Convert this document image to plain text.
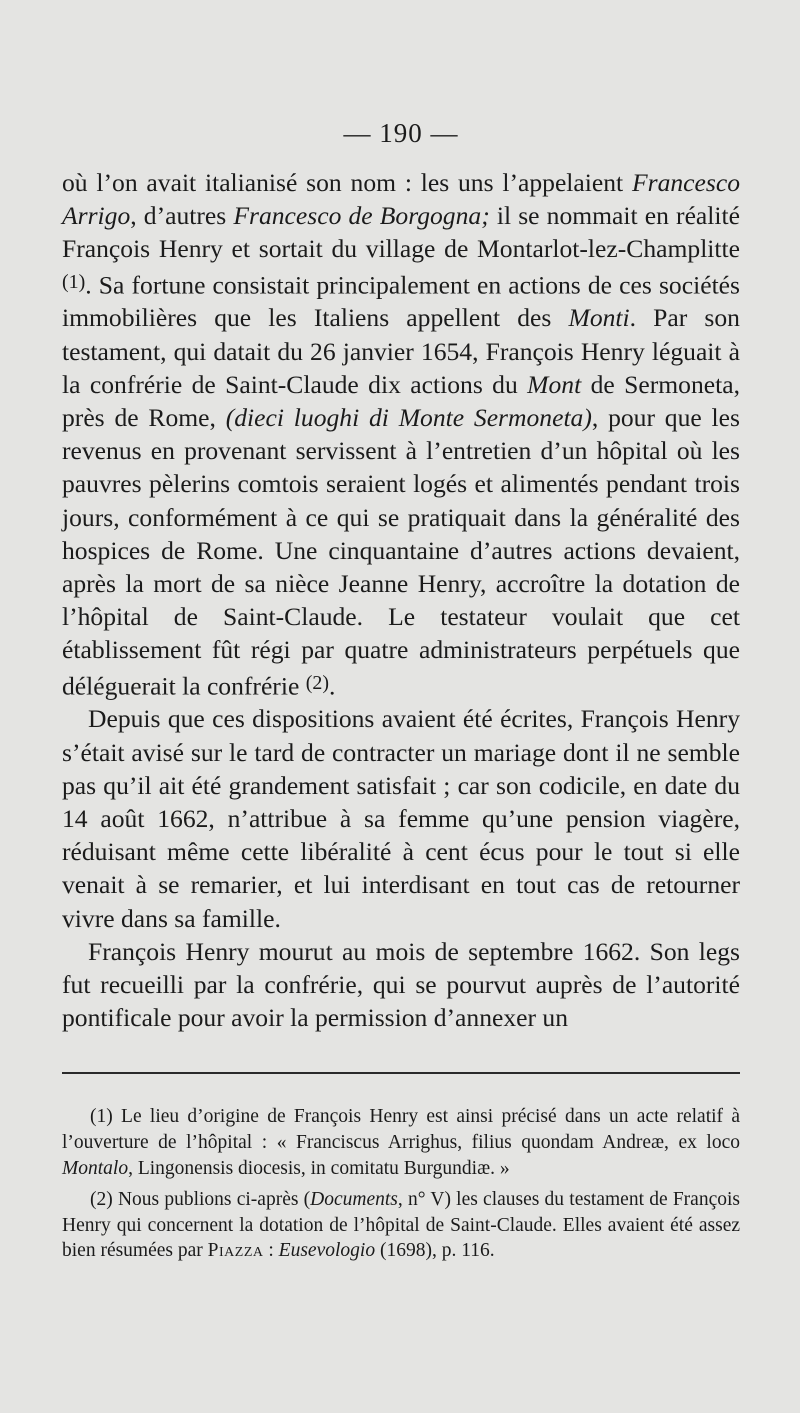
— 190 —

où l’on avait italianisé son nom : les uns l’appelaient Francesco Arrigo, d’autres Francesco de Borgogna; il se nommait en réalité François Henry et sortait du village de Montarlot-lez-Champlitte $^{(1)}$. Sa fortune consistait principalement en actions de ces sociétés immobilières que les Italiens appellent des Monti. Par son testament, qui datait du 26 janvier 1654, François Henry léguait à la confrérie de Saint-Claude dix actions du Mont de Sermoneta, près de Rome, (dieci luoghi di Monte Sermoneta), pour que les revenus en provenant servissent à l’entretien d’un hôpital où les pauvres pèlerins comtois seraient logés et alimentés pendant trois jours, conformément à ce qui se pratiquait dans la généralité des hospices de Rome. Une cinquantaine d’autres actions devaient, après la mort de sa nièce Jeanne Henry, accroître la dotation de l’hôpital de Saint-Claude. Le testateur voulait que cet établissement fût régi par quatre administrateurs perpétuels que déléguerait la confrérie $^{(2)}$.

Depuis que ces dispositions avaient été écrites, François Henry s’était avisé sur le tard de contracter un mariage dont il ne semble pas qu’il ait été grandement satisfait ; car son codicile, en date du 14 août 1662, n’attribue à sa femme qu’une pension viagère, réduisant même cette libéralité à cent écus pour le tout si elle venait à se remarier, et lui interdisant en tout cas de retourner vivre dans sa famille.

François Henry mourut au mois de septembre 1662. Son legs fut recueilli par la confrérie, qui se pourvut auprès de l’autorité pontificale pour avoir la permission d’annexer un

(1) Le lieu d’origine de François Henry est ainsi précisé dans un acte relatif à l’ouverture de l’hôpital : « Franciscus Arrighus, filius quondam Andreæ, ex loco Montalo, Lingonensis diocesis, in comitatu Burgundiæ. »

(2) Nous publions ci-après (Documents, n° V) les clauses du testament de François Henry qui concernent la dotation de l’hôpital de Saint-Claude. Elles avaient été assez bien résumées par Piazza : Eusevologio (1698), p. 116.
